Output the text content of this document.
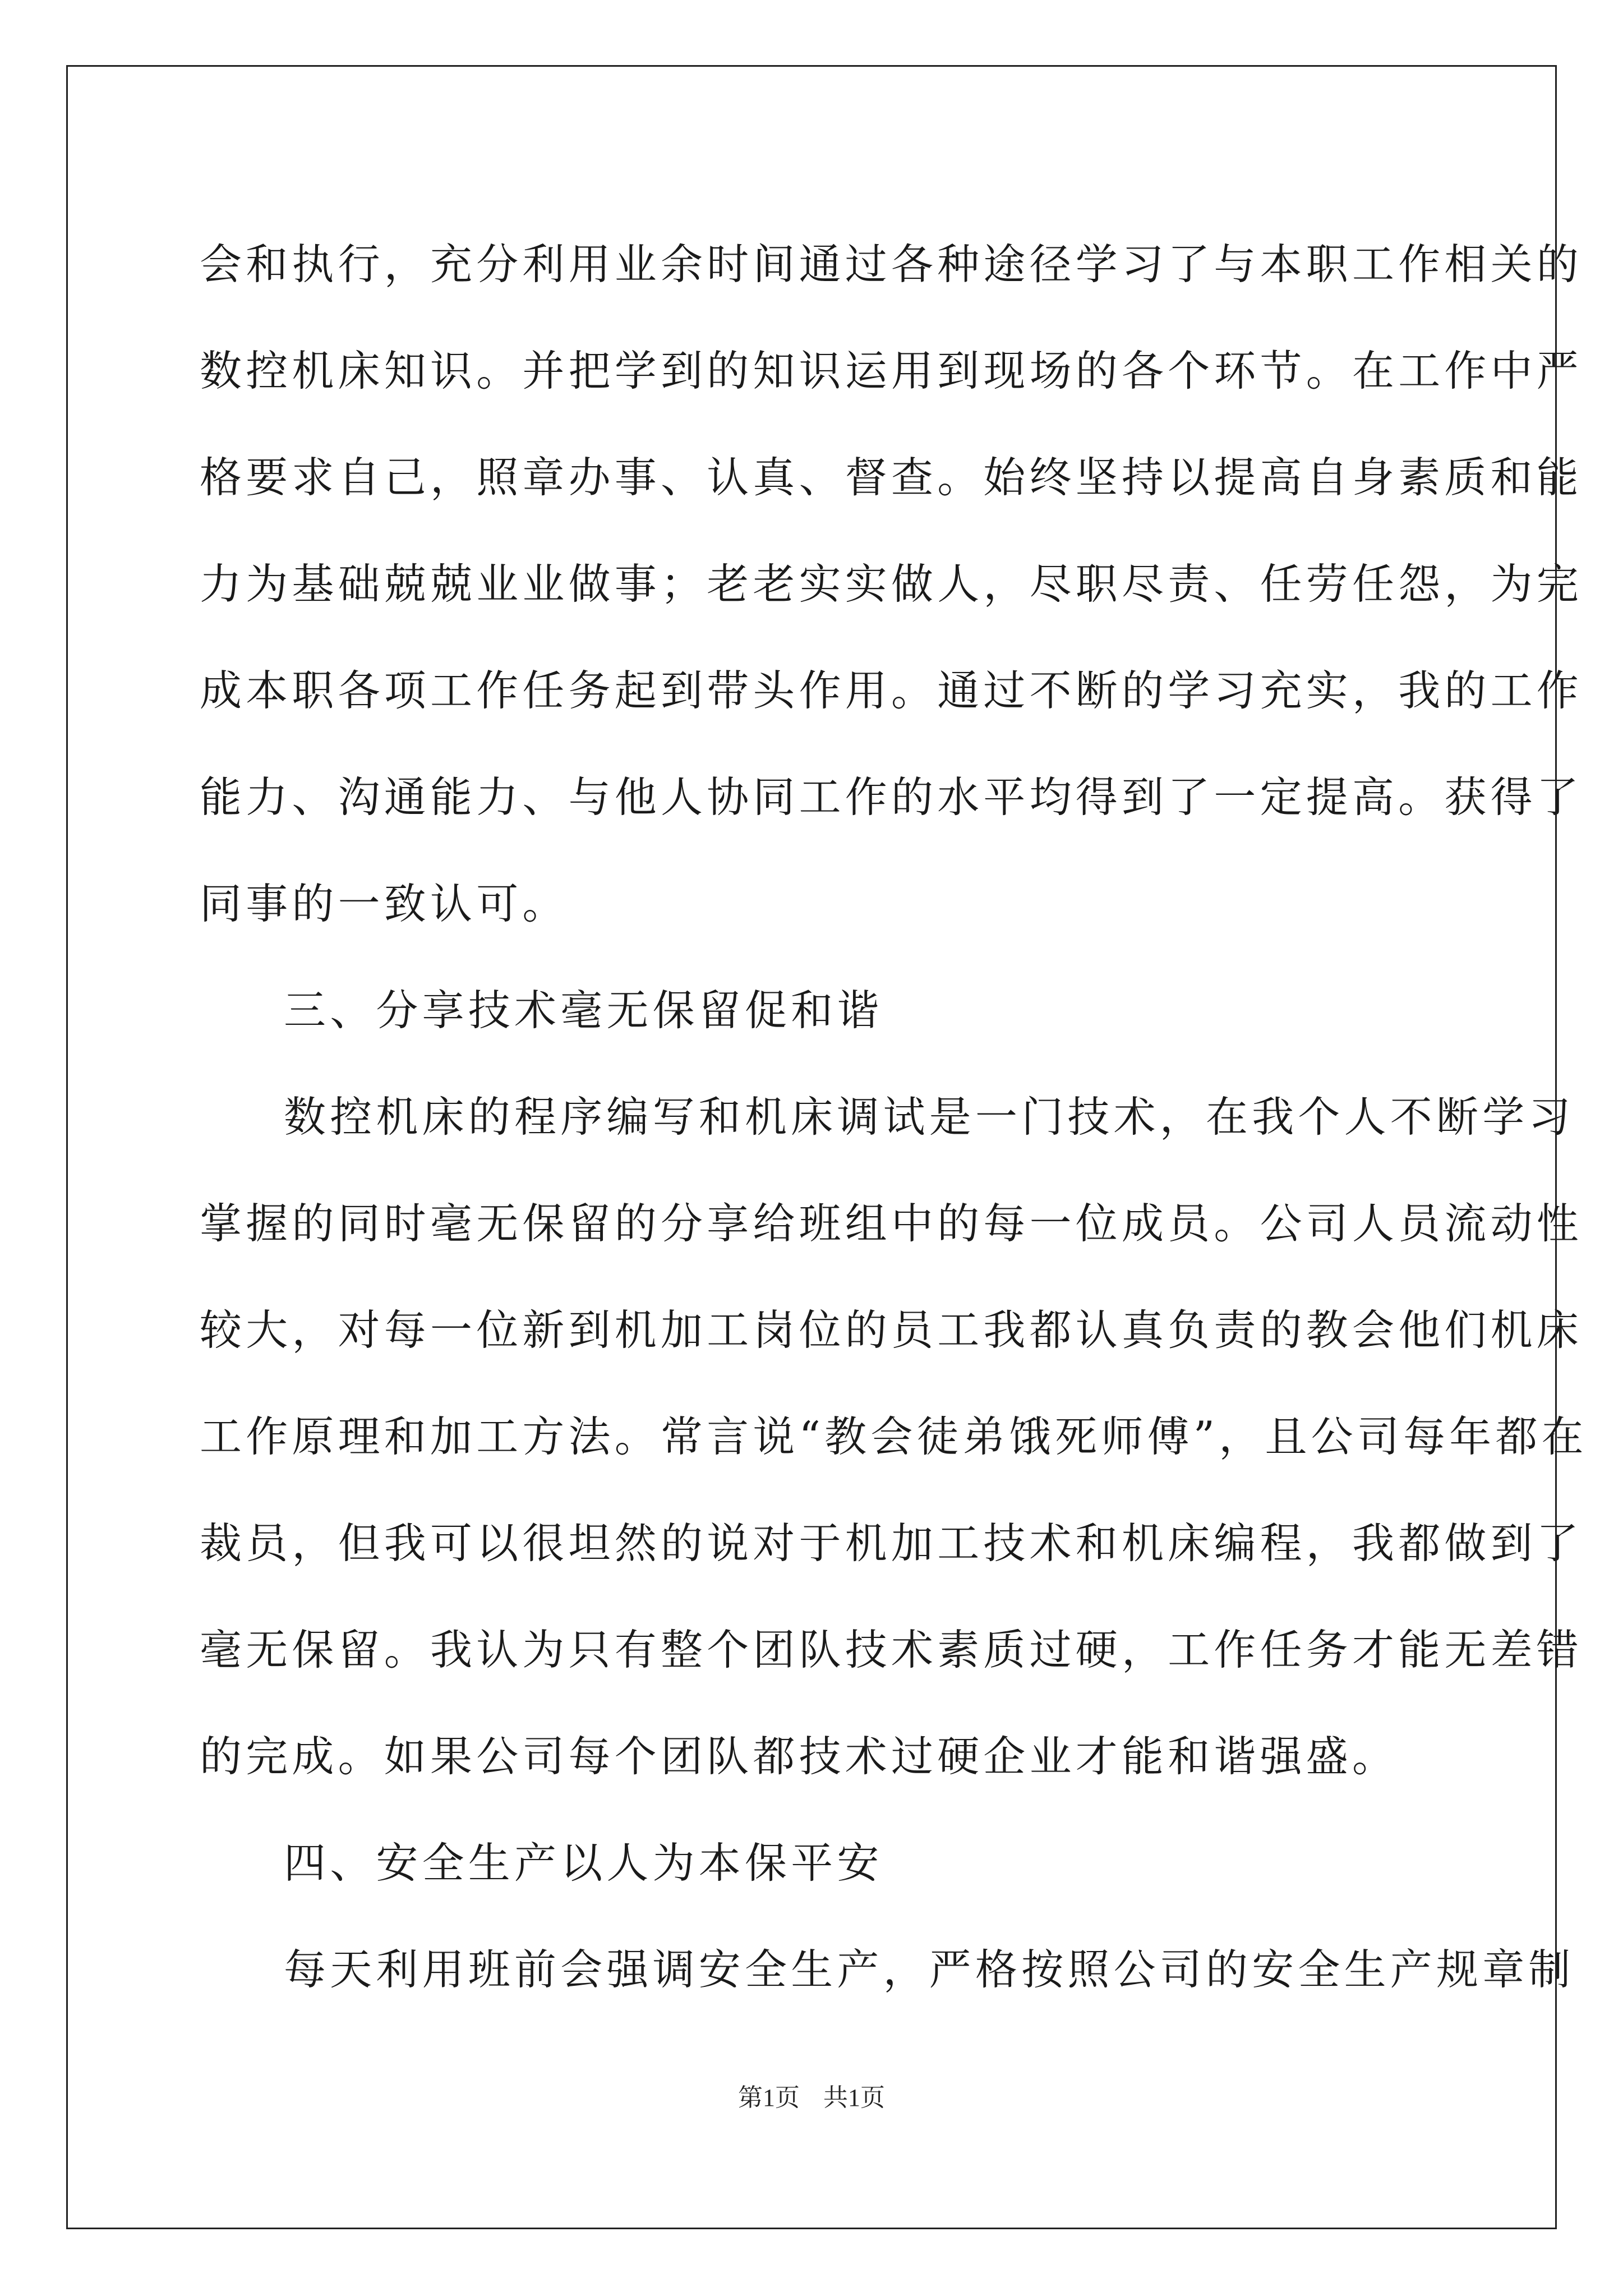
会和执行，充分利用业余时间通过各种途径学习了与本职工作相关的
数控机床知识。并把学到的知识运用到现场的各个环节。在工作中严
格要求自己，照章办事、认真、督查。始终坚持以提高自身素质和能
力为基础兢兢业业做事；老老实实做人，尽职尽责、任劳任怨，为完
成本职各项工作任务起到带头作用。通过不断的学习充实，我的工作
能力、沟通能力、与他人协同工作的水平均得到了一定提高。获得了
同事的一致认可。
三、分享技术毫无保留促和谐
数控机床的程序编写和机床调试是一门技术，在我个人不断学习
掌握的同时毫无保留的分享给班组中的每一位成员。公司人员流动性
较大，对每一位新到机加工岗位的员工我都认真负责的教会他们机床
工作原理和加工方法。常言说“教会徒弟饿死师傅”，且公司每年都在
裁员，但我可以很坦然的说对于机加工技术和机床编程，我都做到了
毫无保留。我认为只有整个团队技术素质过硬，工作任务才能无差错
的完成。如果公司每个团队都技术过硬企业才能和谐强盛。
四、安全生产以人为本保平安
每天利用班前会强调安全生产，严格按照公司的安全生产规章制
第1页 共1页
